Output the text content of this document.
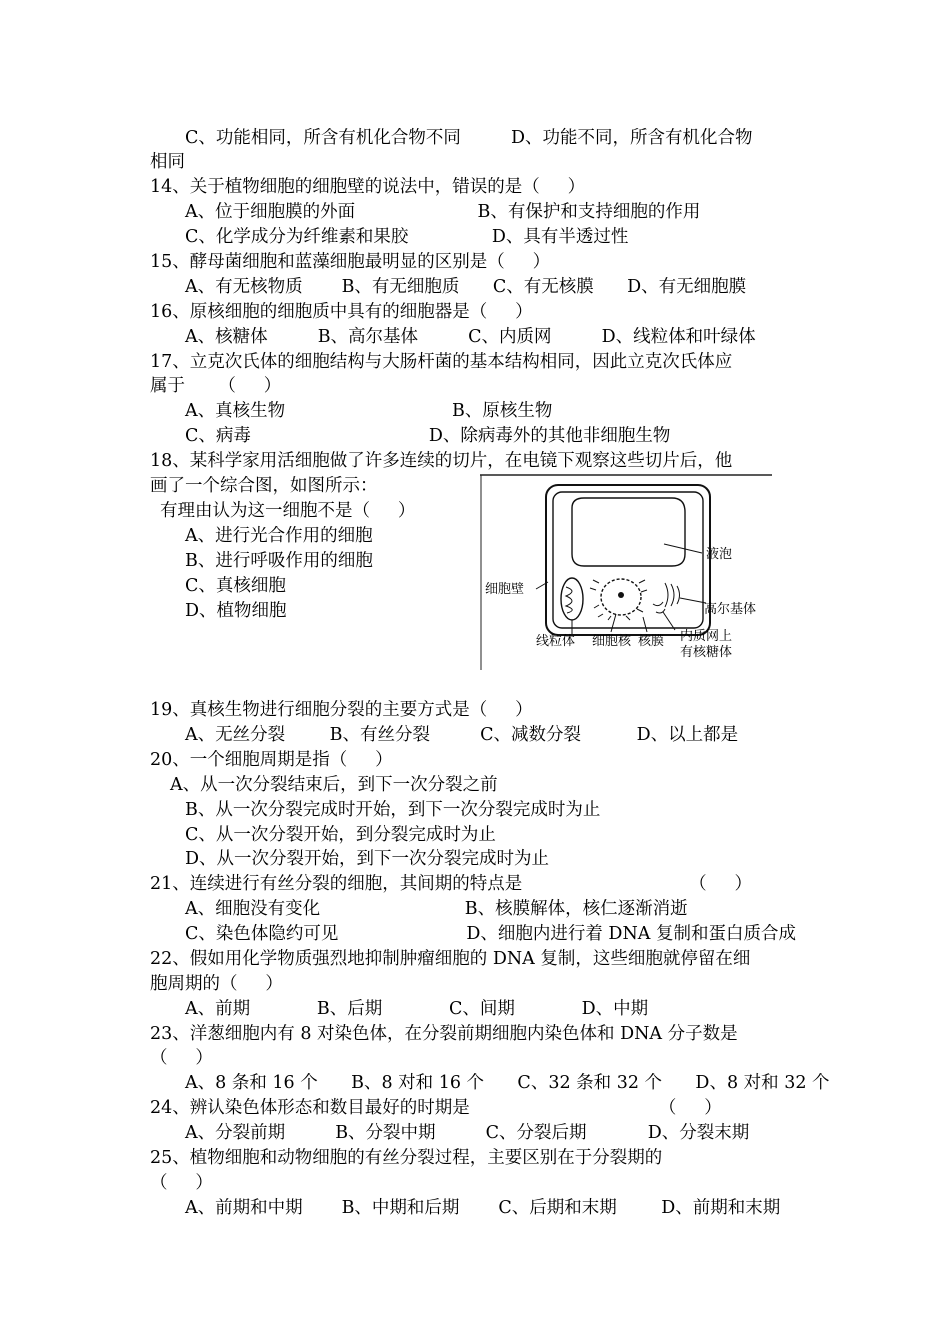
C、功能相同，所含有机化合物不同         D、功能不同，所含有机化合物
相同
14、关于植物细胞的细胞壁的说法中，错误的是（     ）
A、位于细胞膜的外面                      B、有保护和支持细胞的作用
C、化学成分为纤维素和果胶               D、具有半透过性
15、酵母菌细胞和蓝藻细胞最明显的区别是（     ）
A、有无核物质       B、有无细胞质      C、有无核膜      D、有无细胞膜
16、原核细胞的细胞质中具有的细胞器是（     ）
A、核糖体         B、高尔基体         C、内质网         D、线粒体和叶绿体
17、立克次氏体的细胞结构与大肠杆菌的基本结构相同，因此立克次氏体应
属于      （     ）
A、真核生物                              B、原核生物
C、病毒                                D、除病毒外的其他非细胞生物
18、某科学家用活细胞做了许多连续的切片，在电镜下观察这些切片后，他
画了一个综合图，如图所示：
有理由认为这一细胞不是（     ）
A、进行光合作用的细胞
B、进行呼吸作用的细胞
C、真核细胞
D、植物细胞
液泡
细胞壁
高尔基体
线粒体 细胞核 核膜 内质网上
有核糖体
19、真核生物进行细胞分裂的主要方式是（     ）
A、无丝分裂        B、有丝分裂         C、减数分裂          D、以上都是
20、一个细胞周期是指（     ）
A、从一次分裂结束后，到下一次分裂之前
B、从一次分裂完成时开始，到下一次分裂完成时为止
C、从一次分裂开始，到分裂完成时为止
D、从一次分裂开始，到下一次分裂完成时为止
21、连续进行有丝分裂的细胞，其间期的特点是                              （     ）
A、细胞没有变化                          B、核膜解体，核仁逐渐消逝
C、染色体隐约可见                       D、细胞内进行着 DNA 复制和蛋白质合成
22、假如用化学物质强烈地抑制肿瘤细胞的 DNA 复制，这些细胞就停留在细
胞周期的（     ）
A、前期            B、后期            C、间期            D、中期
23、洋葱细胞内有 8 对染色体，在分裂前期细胞内染色体和 DNA 分子数是
（     ）
A、8 条和 16 个      B、8 对和 16 个      C、32 条和 32 个      D、8 对和 32 个
24、辨认染色体形态和数目最好的时期是                                  （     ）
A、分裂前期         B、分裂中期         C、分裂后期           D、分裂末期
25、植物细胞和动物细胞的有丝分裂过程，主要区别在于分裂期的
（     ）
A、前期和中期       B、中期和后期       C、后期和末期        D、前期和末期
